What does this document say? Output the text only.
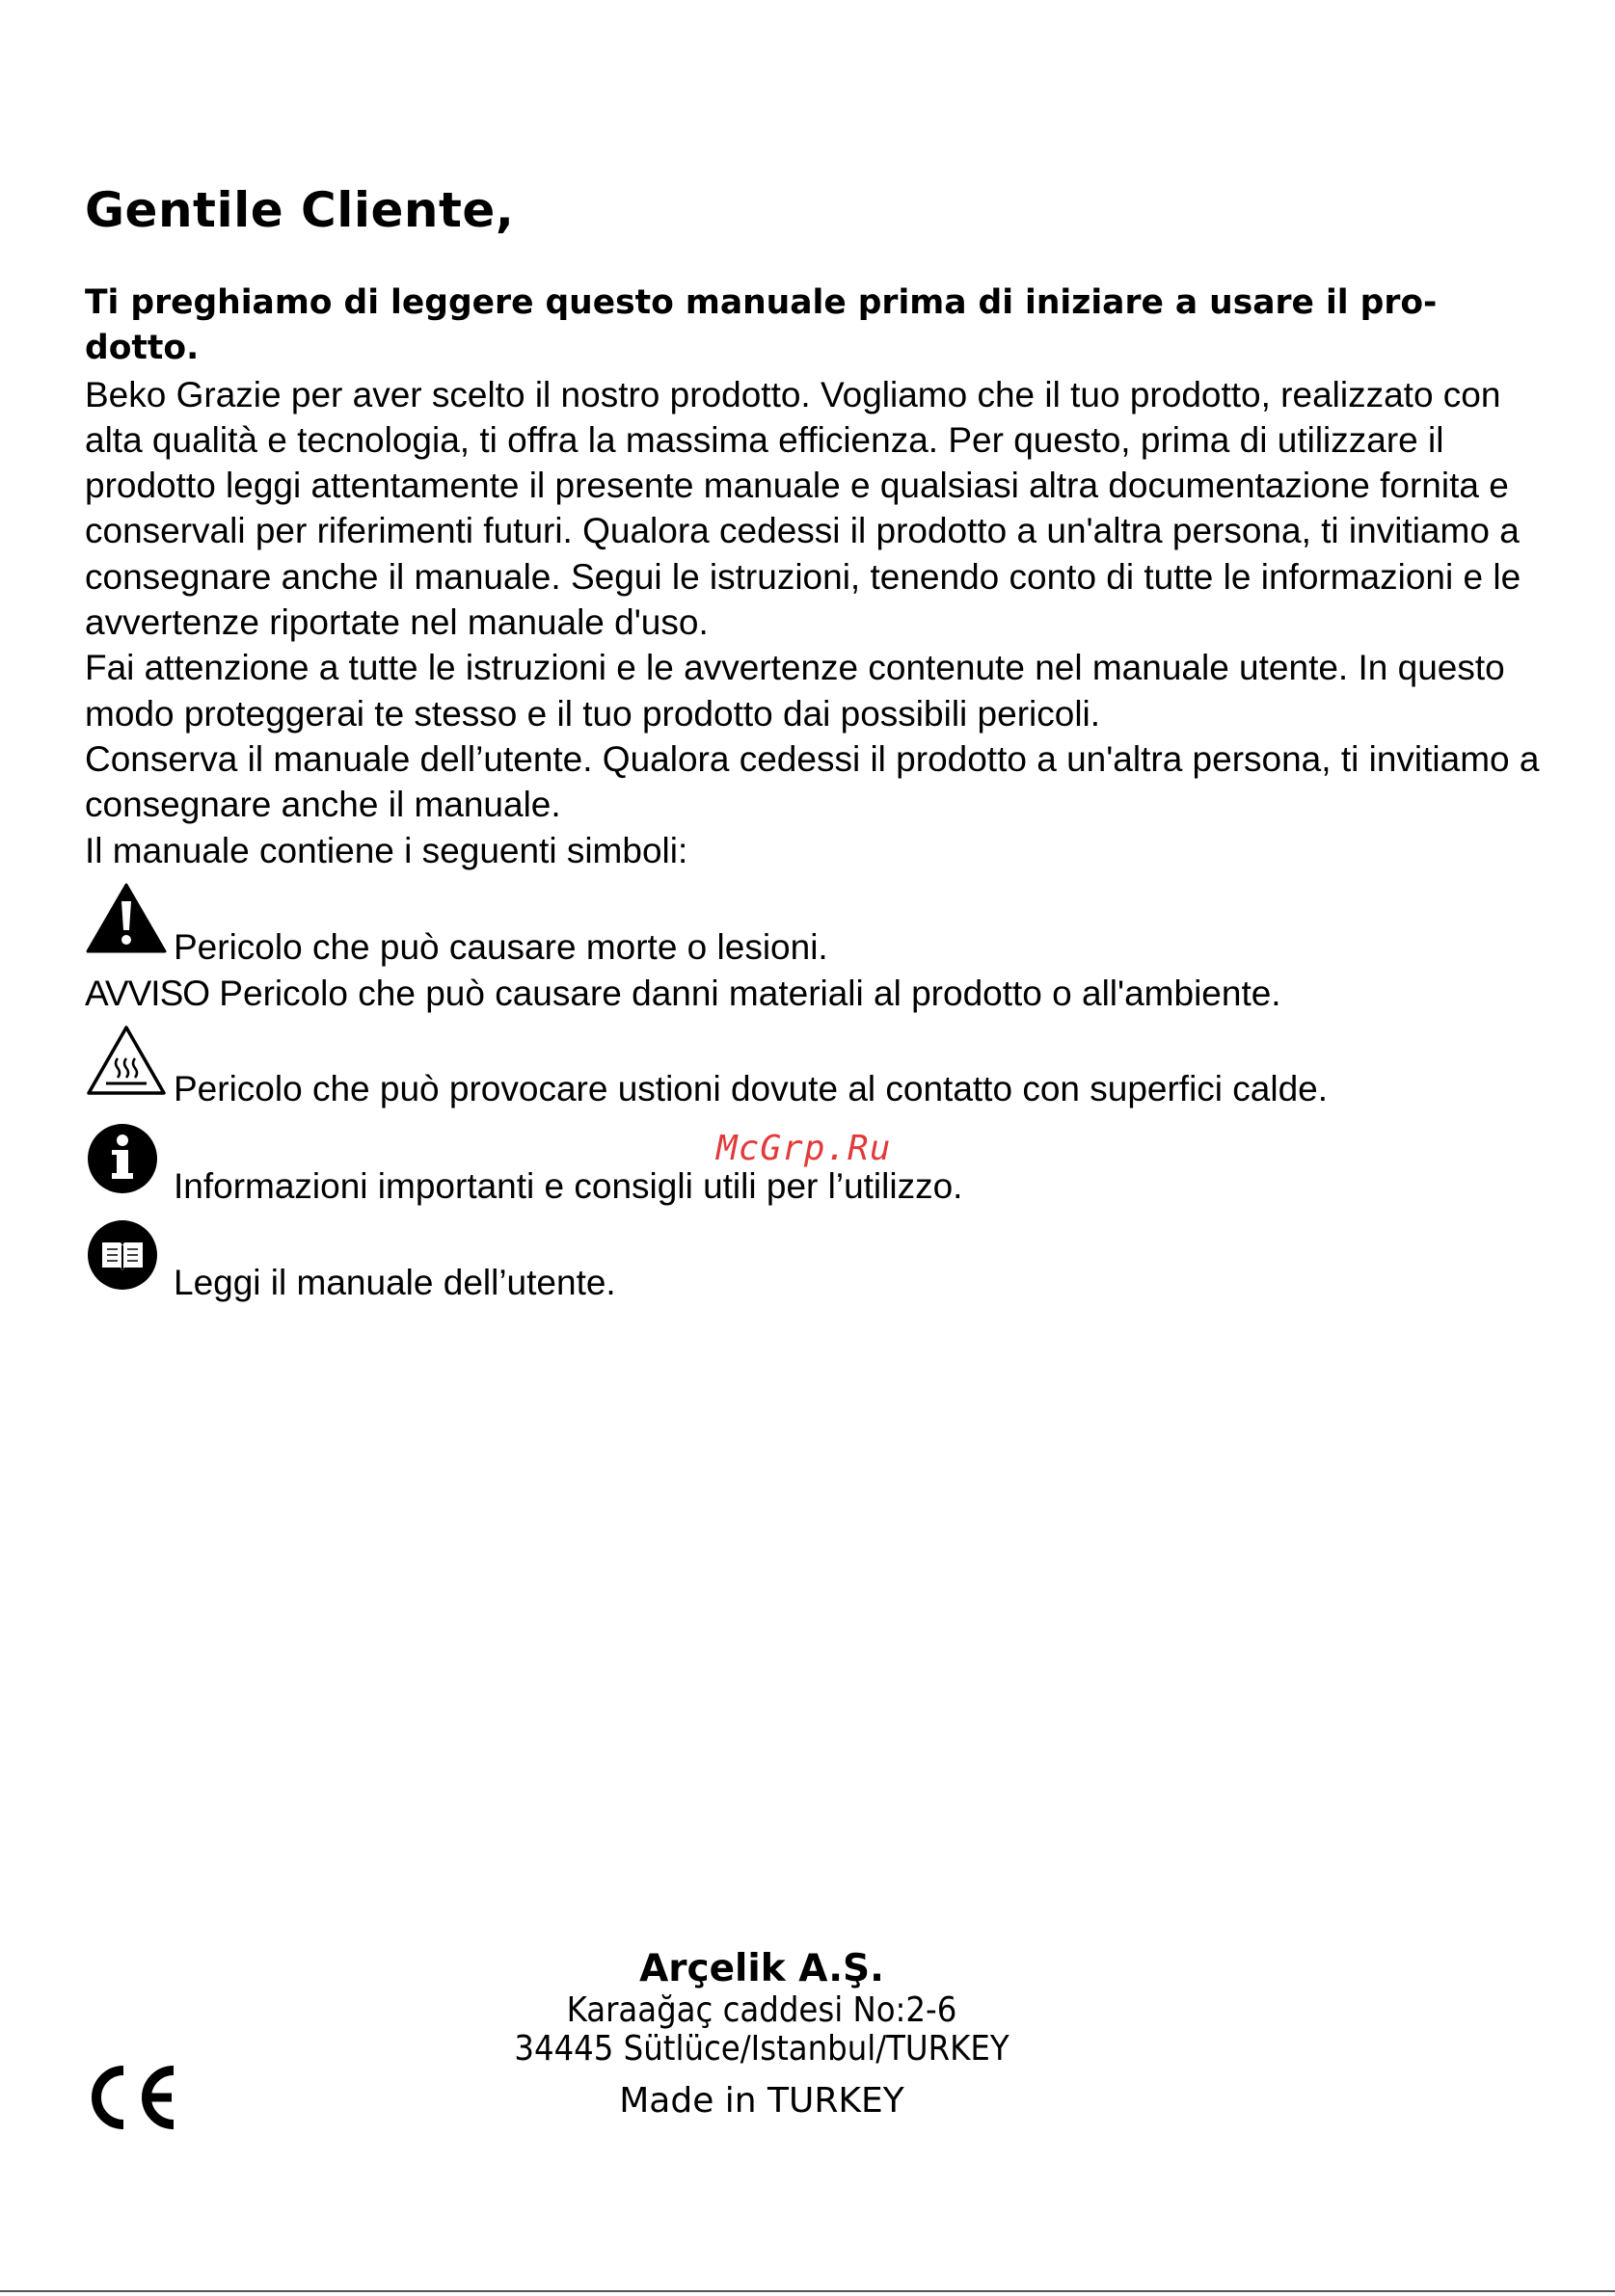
Gentile Cliente,

Ti preghiamo di leggere questo manuale prima di iniziare a usare il pro-dotto.

Beko Grazie per aver scelto il nostro prodotto. Vogliamo che il tuo prodotto, realizzato con alta qualità e tecnologia, ti offra la massima efficienza. Per questo, prima di utilizzare il prodotto leggi attentamente il presente manuale e qualsiasi altra documentazione fornita e conservali per riferimenti futuri. Qualora cedessi il prodotto a un'altra persona, ti invitiamo a consegnare anche il manuale. Segui le istruzioni, tenendo conto di tutte le informazioni e le avvertenze riportate nel manuale d'uso.

Fai attenzione a tutte le istruzioni e le avvertenze contenute nel manuale utente. In questo modo proteggerai te stesso e il tuo prodotto dai possibili pericoli.

Conserva il manuale dell’utente. Qualora cedessi il prodotto a un'altra persona, ti invitiamo a consegnare anche il manuale.

Il manuale contiene i seguenti simboli:

Pericolo che può causare morte o lesioni.
AVVISO Pericolo che può causare danni materiali al prodotto o all'ambiente.
Pericolo che può provocare ustioni dovute al contatto con superfici calde.
McGrp.Ru
Informazioni importanti e consigli utili per l’utilizzo.
Leggi il manuale dell’utente.
Arçelik A.Ş.
Karaağaç caddesi No:2-6
34445 Sütlüce/Istanbul/TURKEY
Made in TURKEY
